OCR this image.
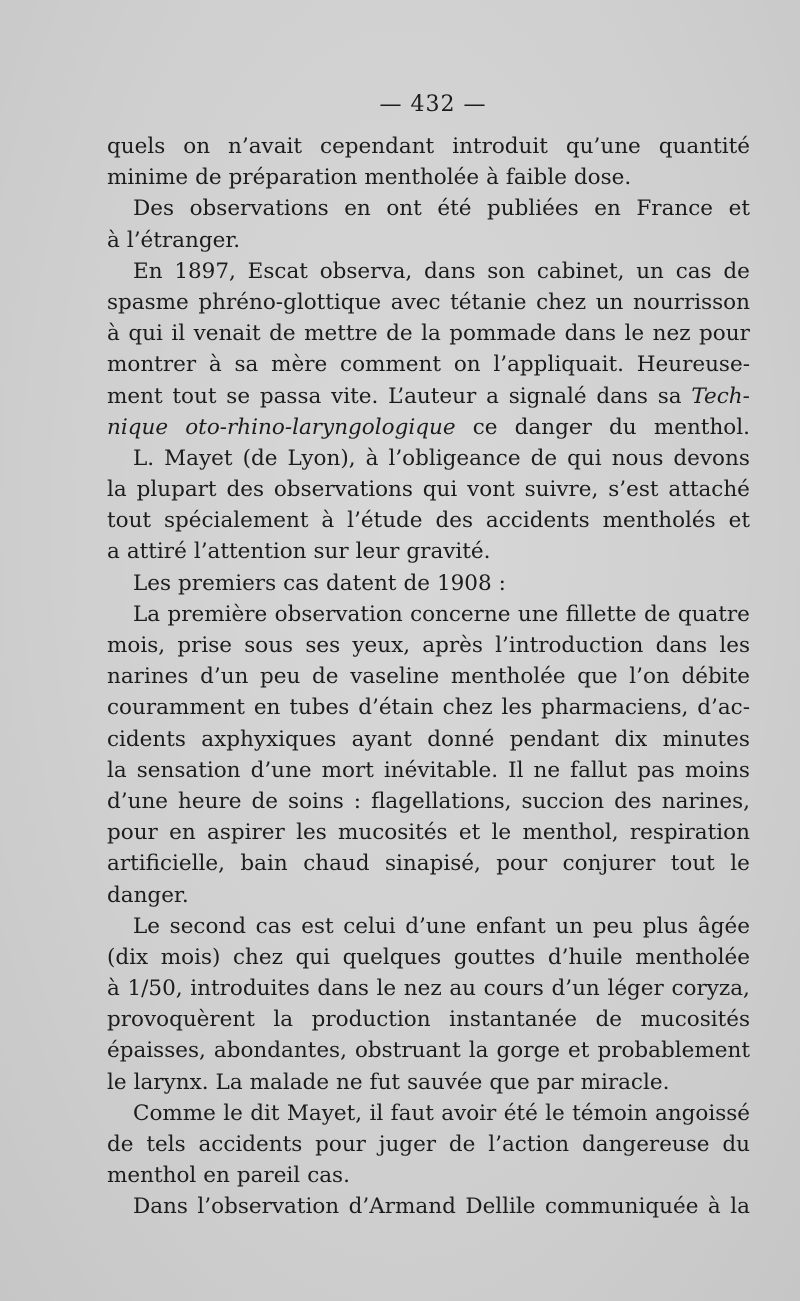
— 432 —
quels on n’avait cependant introduit qu’une quantité
minime de préparation mentholée à faible dose.
Des observations en ont été publiées en France et
à l’étranger.
En 1897, Escat observa, dans son cabinet, un cas de
spasme phréno-glottique avec tétanie chez un nourrisson
à qui il venait de mettre de la pommade dans le nez pour
montrer à sa mère comment on l’appliquait. Heureuse-
ment tout se passa vite. L’auteur a signalé dans sa Tech-
nique oto-rhino-laryngologique ce danger du menthol.
L. Mayet (de Lyon), à l’obligeance de qui nous devons
la plupart des observations qui vont suivre, s’est attaché
tout spécialement à l’étude des accidents mentholés et
a attiré l’attention sur leur gravité.
Les premiers cas datent de 1908 :
La première observation concerne une fillette de quatre
mois, prise sous ses yeux, après l’introduction dans les
narines d’un peu de vaseline mentholée que l’on débite
couramment en tubes d’étain chez les pharmaciens, d’ac-
cidents axphyxiques ayant donné pendant dix minutes
la sensation d’une mort inévitable. Il ne fallut pas moins
d’une heure de soins : flagellations, succion des narines,
pour en aspirer les mucosités et le menthol, respiration
artificielle, bain chaud sinapisé, pour conjurer tout le
danger.
Le second cas est celui d’une enfant un peu plus âgée
(dix mois) chez qui quelques gouttes d’huile mentholée
à 1/50, introduites dans le nez au cours d’un léger coryza,
provoquèrent la production instantanée de mucosités
épaisses, abondantes, obstruant la gorge et probablement
le larynx. La malade ne fut sauvée que par miracle.
Comme le dit Mayet, il faut avoir été le témoin angoissé
de tels accidents pour juger de l’action dangereuse du
menthol en pareil cas.
Dans l’observation d’Armand Dellile communiquée à la
